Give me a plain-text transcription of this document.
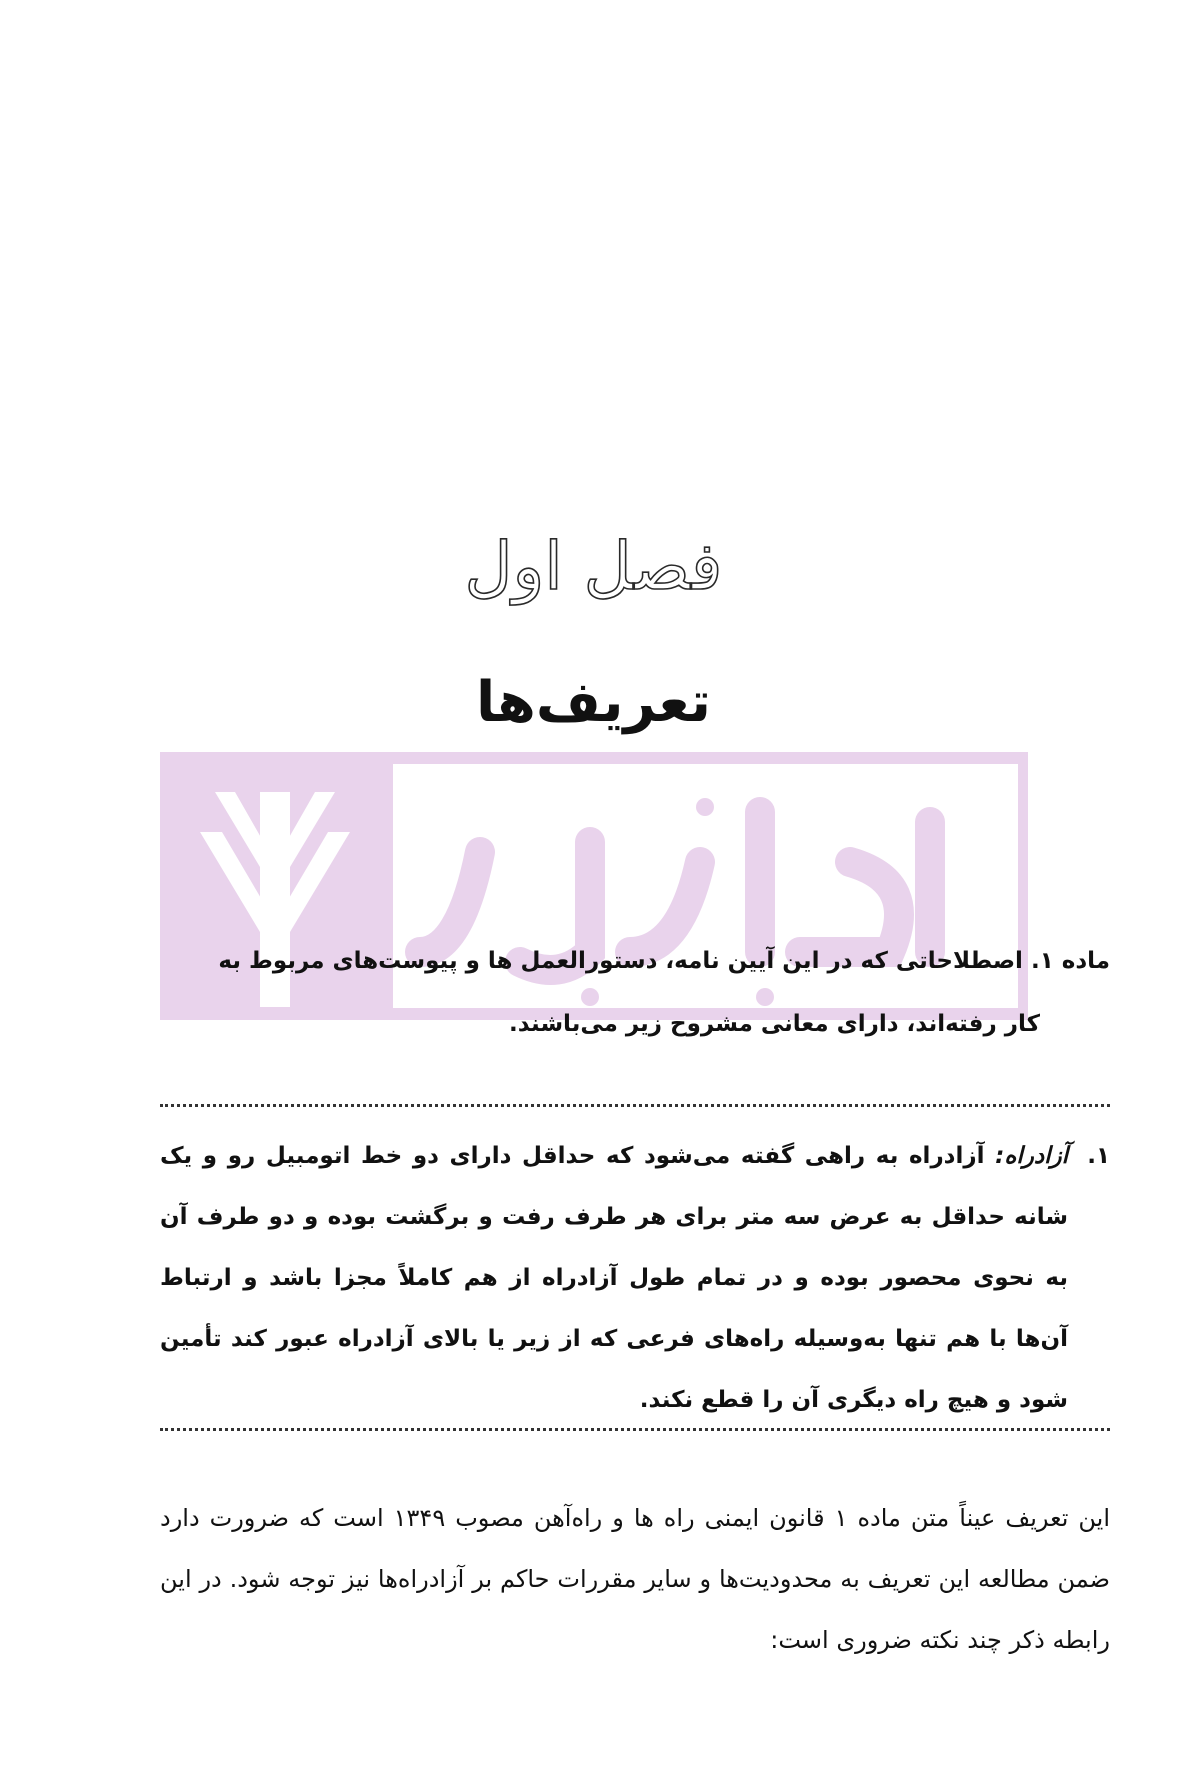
فصل اول
تعریف‌ها
ماده ۱. اصطلاحاتی که در این آیین نامه، دستورالعمل ها و پیوست‌های مربوط به
کار رفته‌اند، دارای معانی مشروح زیر می‌باشند.
۱.
آزادراه: آزادراه به راهی گفته می‌شود که حداقل دارای دو خط اتومبیل رو و یک شانه حداقل به عرض سه متر برای هر طرف رفت و برگشت بوده و دو طرف آن به نحوی محصور بوده و در تمام طول آزادراه از هم کاملاً مجزا باشد و ارتباط آن‌ها با هم تنها به‌وسیله راه‌های فرعی که از زیر یا بالای آزادراه عبور کند تأمین شود و هیچ راه دیگری آن را قطع نکند.
این تعریف عیناً متن ماده ۱ قانون ایمنی راه ها و راه‌آهن مصوب ۱۳۴۹ است که ضرورت دارد ضمن مطالعه این تعریف به محدودیت‌ها و سایر مقررات حاکم بر آزادراه‌ها نیز توجه شود. در این رابطه ذکر چند نکته ضروری است:
